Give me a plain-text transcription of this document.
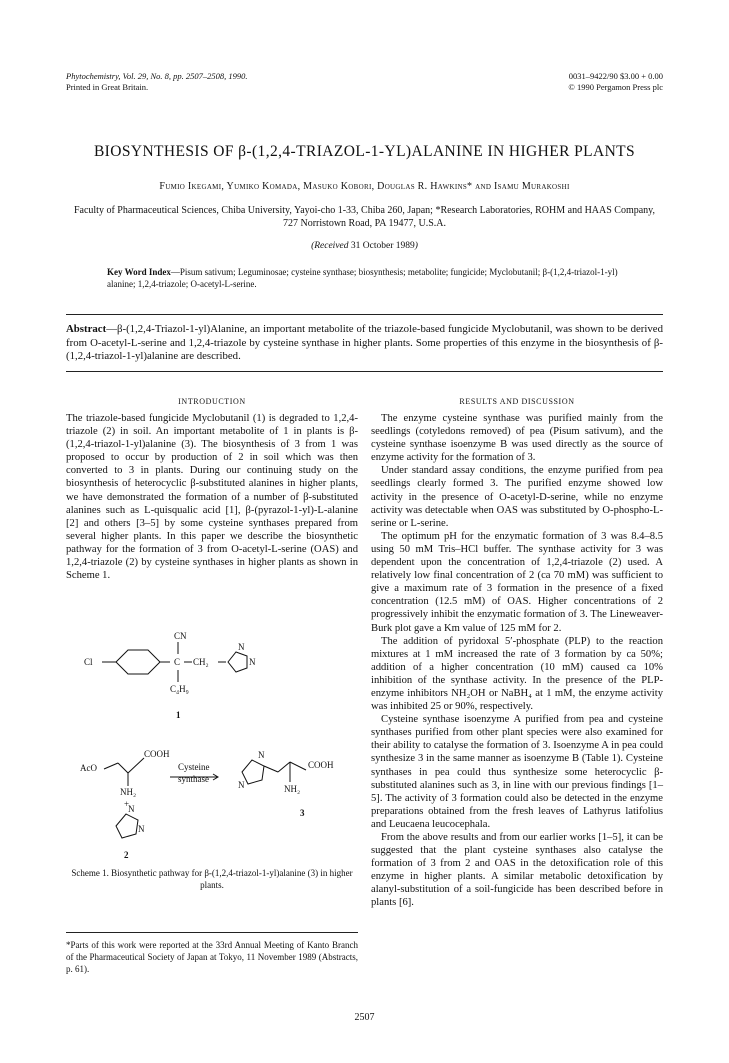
Phytochemistry, Vol. 29, No. 8, pp. 2507–2508, 1990.
Printed in Great Britain.
0031–9422/90 $3.00 + 0.00
© 1990 Pergamon Press plc
BIOSYNTHESIS OF β-(1,2,4-TRIAZOL-1-YL)ALANINE IN HIGHER PLANTS
Fumio Ikegami, Yumiko Komada, Masuko Kobori, Douglas R. Hawkins* and Isamu Murakoshi
Faculty of Pharmaceutical Sciences, Chiba University, Yayoi-cho 1-33, Chiba 260, Japan; *Research Laboratories, ROHM and HAAS Company, 727 Norristown Road, PA 19477, U.S.A.
(Received 31 October 1989)
Key Word Index—Pisum sativum; Leguminosae; cysteine synthase; biosynthesis; metabolite; fungicide; Myclobutanil; β-(1,2,4-triazol-1-yl) alanine; 1,2,4-triazole; O-acetyl-L-serine.
Abstract—β-(1,2,4-Triazol-1-yl)Alanine, an important metabolite of the triazole-based fungicide Myclobutanil, was shown to be derived from O-acetyl-L-serine and 1,2,4-triazole by cysteine synthase in higher plants. Some properties of this enzyme in the biosynthesis of β-(1,2,4-triazol-1-yl)alanine are described.
INTRODUCTION

The triazole-based fungicide Myclobutanil (1) is degraded to 1,2,4-triazole (2) in soil. An important metabolite of 1 in plants is β-(1,2,4-triazol-1-yl)alanine (3). The biosynthesis of 3 from 1 was proposed to occur by production of 2 in soil which was then converted to 3 in plants. During our continuing study on the biosynthesis of heterocyclic β-substituted alanines in higher plants, we have demonstrated the formation of a number of β-substituted alanines such as L-quisqualic acid [1], β-(pyrazol-1-yl)-L-alanine [2] and others [3–5] by some cysteine synthases prepared from several higher plants. In this paper we describe the biosynthetic pathway for the formation of 3 from O-acetyl-L-serine (OAS) and 1,2,4-triazole (2) by cysteine synthases in higher plants as shown in Scheme 1.

CN
Cl	C CH₂
C₄H₉
N
N
1
AcO
COOH
NH₂
+
Cysteine
synthase
COOH
NH₂
N
N
3
N
N
2
Scheme 1. Biosynthetic pathway for β-(1,2,4-triazol-1-yl)alanine (3) in higher plants.
*Parts of this work were reported at the 33rd Annual Meeting of Kanto Branch of the Pharmaceutical Society of Japan at Tokyo, 11 November 1989 (Abstracts, p. 61).
RESULTS AND DISCUSSION

The enzyme cysteine synthase was purified mainly from the seedlings (cotyledons removed) of pea (Pisum sativum), and the cysteine synthase isoenzyme B was used directly as the source of enzyme activity for the formation of 3.

Under standard assay conditions, the enzyme purified from pea seedlings clearly formed 3. The purified enzyme showed low activity in the presence of O-acetyl-D-serine, while no enzyme activity was detectable when OAS was substituted by O-phospho-L-serine or L-serine.

The optimum pH for the enzymatic formation of 3 was 8.4–8.5 using 50 mM Tris–HCl buffer. The synthase activity for 3 was dependent upon the concentration of 1,2,4-triazole (2) used. A relatively low final concentration of 2 (ca 70 mM) was sufficient to give a maximum rate of 3 formation in the presence of a fixed concentration (12.5 mM) of OAS. Higher concentrations of 2 progressively inhibit the enzymatic formation of 3. The Lineweaver-Burk plot gave a Km value of 125 mM for 2.

The addition of pyridoxal 5′-phosphate (PLP) to the reaction mixtures at 1 mM increased the rate of 3 formation by ca 50%; addition of a higher concentration (10 mM) caused ca 10% inhibition of the synthase activity. In the presence of the PLP-enzyme inhibitors NH₂OH or NaBH₄ at 1 mM, the enzyme activity was inhibited 25 or 90%, respectively.

Cysteine synthase isoenzyme A purified from pea and cysteine synthases purified from other plant species were also examined for their ability to catalyse the formation of 3. Isoenzyme A in pea could synthesize 3 in the same manner as isoenzyme B (Table 1). Cysteine synthases in pea could thus synthesize some heterocyclic β-substituted alanines such as 3, in line with our previous findings [1–5]. The activity of 3 formation could also be detected in the enzyme preparations obtained from the fresh leaves of Lathyrus latifolius and Leucaena leucocephala.

From the above results and from our earlier works [1–5], it can be suggested that the plant cysteine synthases also catalyse the formation of 3 from 2 and OAS in the detoxification role of this enzyme in higher plants. A similar metabolic detoxification by alanyl-substitution of a soil-fungicide has been described before in plants [6].

2507
